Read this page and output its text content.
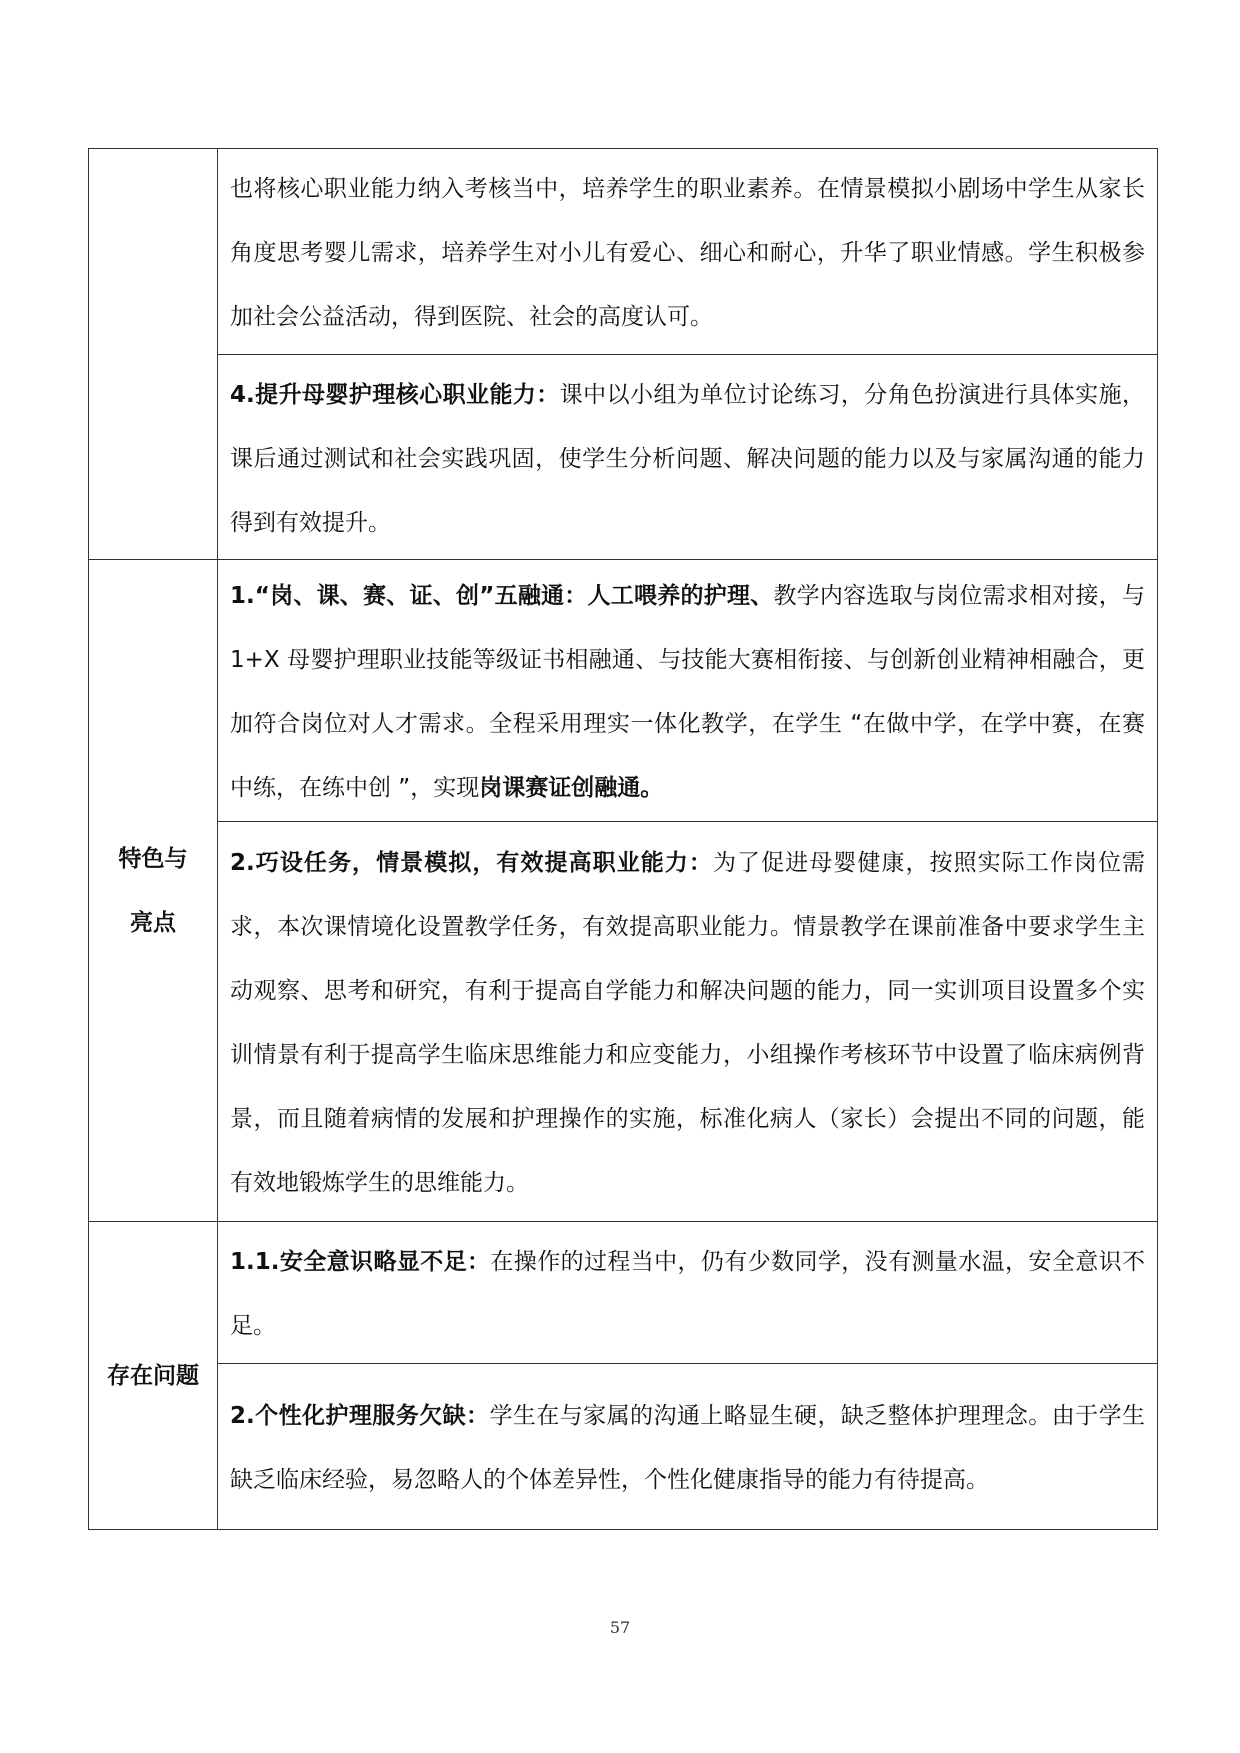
	也将核心职业能力纳入考核当中，培养学生的职业素养。在情景模拟小剧场中学生从家长角度思考婴儿需求，培养学生对小儿有爱心、细心和耐心，升华了职业情感。学生积极参加社会公益活动，得到医院、社会的高度认可。
	4.提升母婴护理核心职业能力：课中以小组为单位讨论练习，分角色扮演进行具体实施，课后通过测试和社会实践巩固，使学生分析问题、解决问题的能力以及与家属沟通的能力得到有效提升。
特色与亮点	1.“岗、课、赛、证、创”五融通：人工喂养的护理、教学内容选取与岗位需求相对接，与 1+X 母婴护理职业技能等级证书相融通、与技能大赛相衔接、与创新创业精神相融合，更加符合岗位对人才需求。全程采用理实一体化教学，在学生 “在做中学，在学中赛，在赛中练，在练中创 ”，实现岗课赛证创融通。
	2.巧设任务，情景模拟，有效提高职业能力：为了促进母婴健康，按照实际工作岗位需求，本次课情境化设置教学任务，有效提高职业能力。情景教学在课前准备中要求学生主动观察、思考和研究，有利于提高自学能力和解决问题的能力，同一实训项目设置多个实训情景有利于提高学生临床思维能力和应变能力，小组操作考核环节中设置了临床病例背景，而且随着病情的发展和护理操作的实施，标准化病人（家长）会提出不同的问题，能有效地锻炼学生的思维能力。
存在问题	1.1.安全意识略显不足：在操作的过程当中，仍有少数同学，没有测量水温，安全意识不足。
	2.个性化护理服务欠缺：学生在与家属的沟通上略显生硬，缺乏整体护理理念。由于学生缺乏临床经验，易忽略人的个体差异性，个性化健康指导的能力有待提高。
57
